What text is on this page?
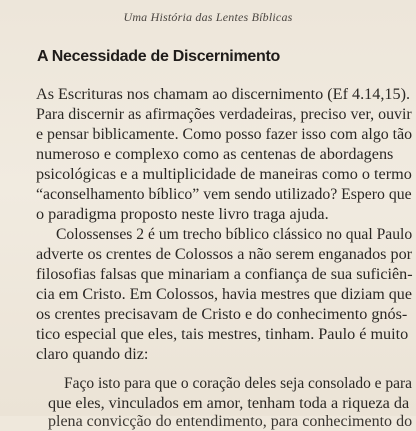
Uma História das Lentes Bíblicas
A Necessidade de Discernimento
As Escrituras nos chamam ao discernimento (Ef 4.14,15).
Para discernir as afirmações verdadeiras, preciso ver, ouvir
e pensar biblicamente. Como posso fazer isso com algo tão
numeroso e complexo como as centenas de abordagens
psicológicas e a multiplicidade de maneiras como o termo
“aconselhamento bíblico” vem sendo utilizado? Espero que
o paradigma proposto neste livro traga ajuda.
Colossenses 2 é um trecho bíblico clássico no qual Paulo
adverte os crentes de Colossos a não serem enganados por
filosofias falsas que minariam a confiança de sua suficiên-
cia em Cristo. Em Colossos, havia mestres que diziam que
os crentes precisavam de Cristo e do conhecimento gnós-
tico especial que eles, tais mestres, tinham. Paulo é muito
claro quando diz:
Faço isto para que o coração deles seja consolado e para
que eles, vinculados em amor, tenham toda a riqueza da
plena convicção do entendimento, para conhecimento do
